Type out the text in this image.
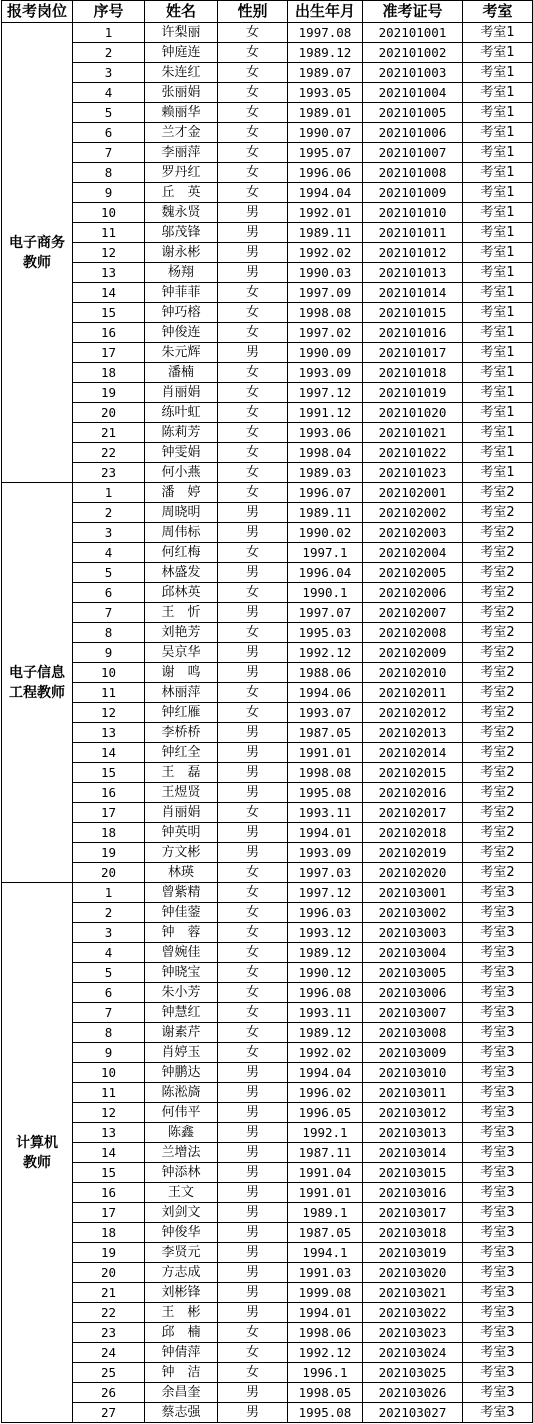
报考岗位	序号	姓名	性别	出生年月	准考证号	考室

电子商务
教师	1	许梨丽	女	1997.08	202101001	考室1
	2	钟庭连	女	1989.12	202101002	考室1
	3	朱连红	女	1989.07	202101003	考室1
	4	张丽娟	女	1993.05	202101004	考室1
	5	赖丽华	女	1989.01	202101005	考室1
	6	兰才金	女	1990.07	202101006	考室1
	7	李丽萍	女	1995.07	202101007	考室1
	8	罗丹红	女	1996.06	202101008	考室1
	9	丘　英	女	1994.04	202101009	考室1
	10	魏永贤	男	1992.01	202101010	考室1
	11	邬茂锋	男	1989.11	202101011	考室1
	12	谢永彬	男	1992.02	202101012	考室1
	13	杨翔	男	1990.03	202101013	考室1
	14	钟菲菲	女	1997.09	202101014	考室1
	15	钟巧榕	女	1998.08	202101015	考室1
	16	钟俊连	女	1997.02	202101016	考室1
	17	朱元辉	男	1990.09	202101017	考室1
	18	潘楠	女	1993.09	202101018	考室1
	19	肖丽娟	女	1997.12	202101019	考室1
	20	练叶虹	女	1991.12	202101020	考室1
	21	陈莉芳	女	1993.06	202101021	考室1
	22	钟雯娟	女	1998.04	202101022	考室1
	23	何小燕	女	1989.03	202101023	考室1

电子信息
工程教师	1	潘　婷	女	1996.07	202102001	考室2
	2	周晓明	男	1989.11	202102002	考室2
	3	周伟标	男	1990.02	202102003	考室2
	4	何红梅	女	1997.1	202102004	考室2
	5	林盛发	男	1996.04	202102005	考室2
	6	邱林英	女	1990.1	202102006	考室2
	7	王　忻	男	1997.07	202102007	考室2
	8	刘艳芳	女	1995.03	202102008	考室2
	9	吴京华	男	1992.12	202102009	考室2
	10	谢　鸣	男	1988.06	202102010	考室2
	11	林丽萍	女	1994.06	202102011	考室2
	12	钟红雁	女	1993.07	202102012	考室2
	13	李桥桥	男	1987.05	202102013	考室2
	14	钟红全	男	1991.01	202102014	考室2
	15	王　磊	男	1998.08	202102015	考室2
	16	王煜贤	男	1995.08	202102016	考室2
	17	肖丽娟	女	1993.11	202102017	考室2
	18	钟英明	男	1994.01	202102018	考室2
	19	方文彬	男	1993.09	202102019	考室2
	20	林瑛	女	1997.03	202102020	考室2

计算机
教师	1	曾紫精	女	1997.12	202103001	考室3
	2	钟佳蓥	女	1996.03	202103002	考室3
	3	钟　蓉	女	1993.12	202103003	考室3
	4	曾婉佳	女	1989.12	202103004	考室3
	5	钟晓宝	女	1990.12	202103005	考室3
	6	朱小芳	女	1996.08	202103006	考室3
	7	钟慧红	女	1993.11	202103007	考室3
	8	谢素芹	女	1989.12	202103008	考室3
	9	肖婷玉	女	1992.02	202103009	考室3
	10	钟鹏达	男	1994.04	202103010	考室3
	11	陈淞旖	男	1996.02	202103011	考室3
	12	何伟平	男	1996.05	202103012	考室3
	13	陈鑫	男	1992.1	202103013	考室3
	14	兰增法	男	1987.11	202103014	考室3
	15	钟添林	男	1991.04	202103015	考室3
	16	王文	男	1991.01	202103016	考室3
	17	刘剑文	男	1989.1	202103017	考室3
	18	钟俊华	男	1987.05	202103018	考室3
	19	李贤元	男	1994.1	202103019	考室3
	20	方志成	男	1991.03	202103020	考室3
	21	刘彬锋	男	1999.08	202103021	考室3
	22	王　彬	男	1994.01	202103022	考室3
	23	邱　楠	女	1998.06	202103023	考室3
	24	钟倩萍	女	1992.12	202103024	考室3
	25	钟　洁	女	1996.1	202103025	考室3
	26	余昌奎	男	1998.05	202103026	考室3
	27	蔡志强	男	1995.08	202103027	考室3
